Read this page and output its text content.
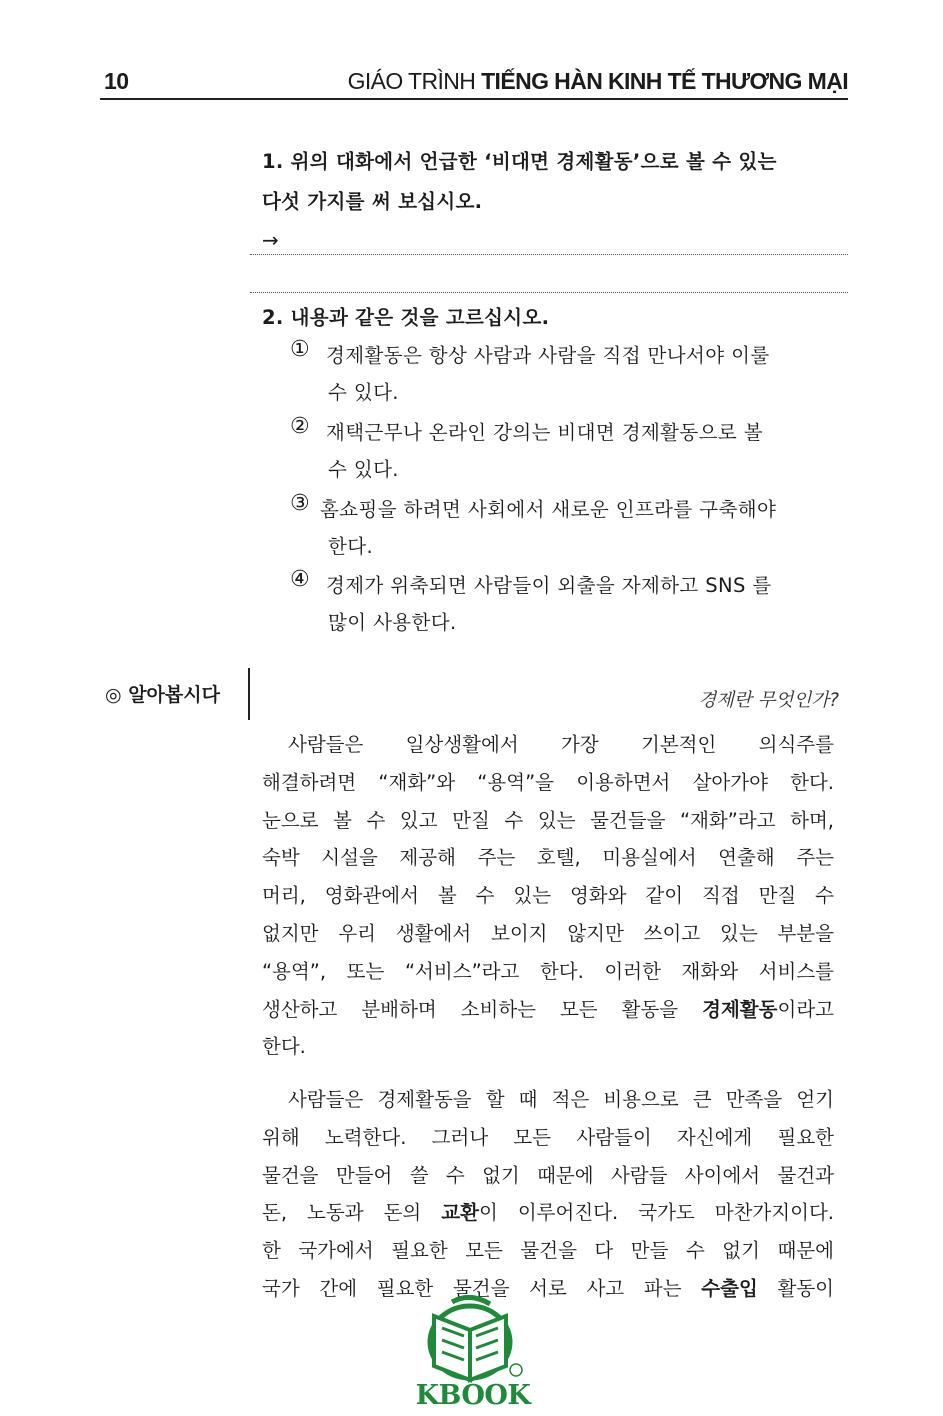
10	GIÁO TRÌNH TIẾNG HÀN KINH TẾ THƯƠNG MẠI
1. 위의 대화에서 언급한 ‘비대면 경제활동’으로 볼 수 있는
다섯 가지를 써 보십시오.
→
2. 내용과 같은 것을 고르십시오.
① 경제활동은 항상 사람과 사람을 직접 만나서야 이룰
수 있다.
② 재택근무나 온라인 강의는 비대면 경제활동으로 볼
수 있다.
③ 홈쇼핑을 하려면 사회에서 새로운 인프라를 구축해야
한다.
④ 경제가 위축되면 사람들이 외출을 자제하고 SNS 를
많이 사용한다.
◎ 알아봅시다	경제란 무엇인가?
사람들은 일상생활에서 가장 기본적인 의식주를
해결하려면 “재화”와 “용역”을 이용하면서 살아가야 한다.
눈으로 볼 수 있고 만질 수 있는 물건들을 “재화”라고 하며,
숙박 시설을 제공해 주는 호텔, 미용실에서 연출해 주는
머리, 영화관에서 볼 수 있는 영화와 같이 직접 만질 수
없지만 우리 생활에서 보이지 않지만 쓰이고 있는 부분을
“용역”, 또는 “서비스”라고 한다. 이러한 재화와 서비스를
생산하고 분배하며 소비하는 모든 활동을 경제활동이라고
한다.
사람들은 경제활동을 할 때 적은 비용으로 큰 만족을 얻기
위해 노력한다. 그러나 모든 사람들이 자신에게 필요한
물건을 만들어 쓸 수 없기 때문에 사람들 사이에서 물건과
돈, 노동과 돈의 교환이 이루어진다. 국가도 마찬가지이다.
한 국가에서 필요한 모든 물건을 다 만들 수 없기 때문에
국가 간에 필요한 물건을 서로 사고 파는 수출입 활동이
KBOOK
